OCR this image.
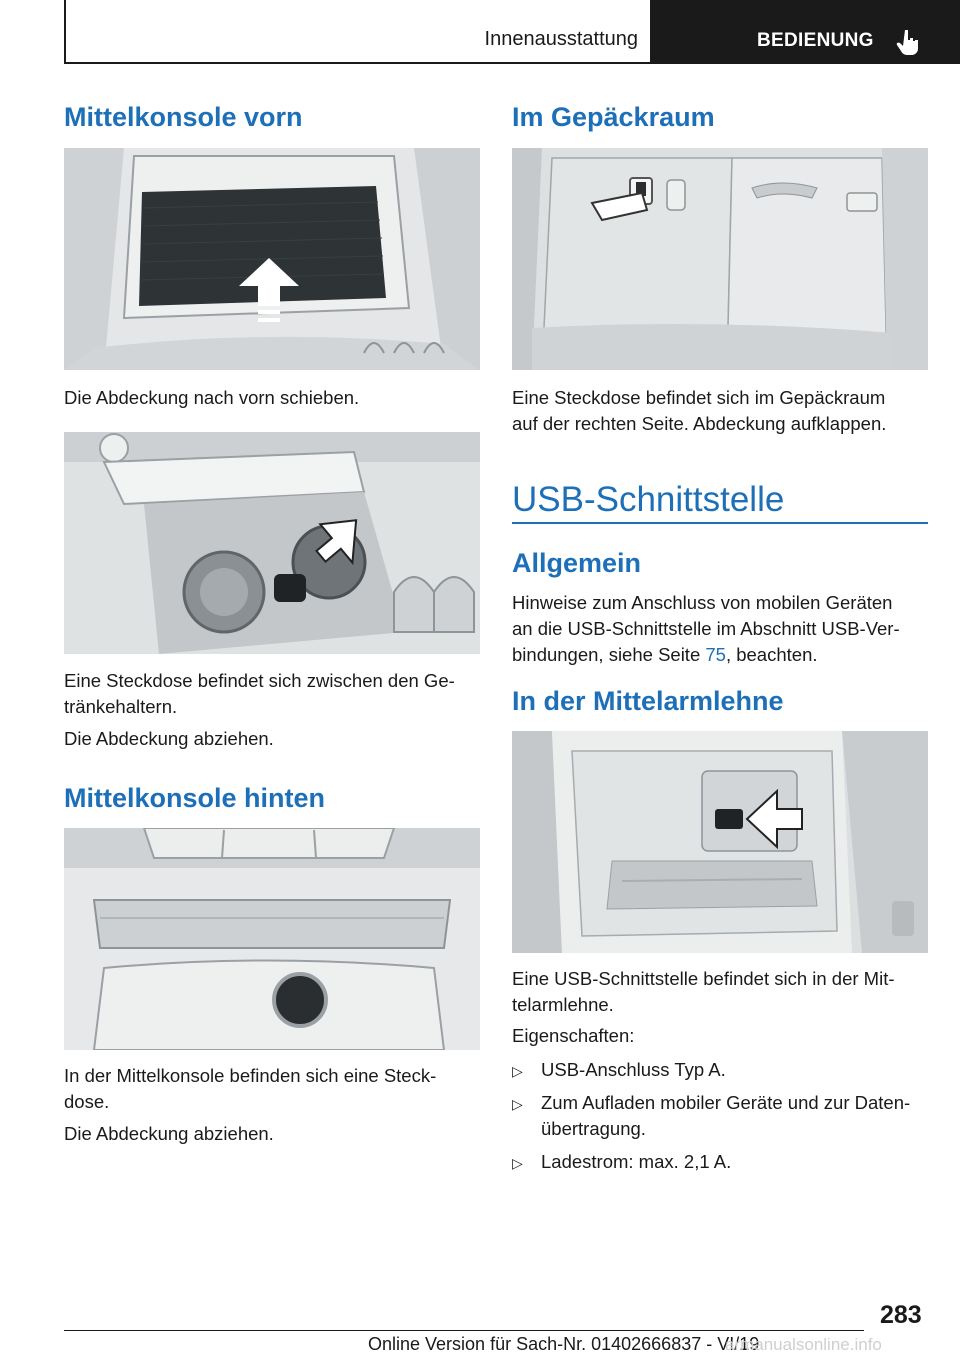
Innenausstattung	BEDIENUNG
Mittelkonsole vorn
Die Abdeckung nach vorn schieben.
Eine Steckdose befindet sich zwischen den Ge‐
tränkehaltern.
Die Abdeckung abziehen.
Mittelkonsole hinten
In der Mittelkonsole befinden sich eine Steck‐
dose.
Die Abdeckung abziehen.
Im Gepäckraum
Eine Steckdose befindet sich im Gepäckraum
auf der rechten Seite. Abdeckung aufklappen.
USB-Schnittstelle
Allgemein
Hinweise zum Anschluss von mobilen Geräten
an die USB-Schnittstelle im Abschnitt USB-Ver‐
bindungen, siehe Seite 75, beachten.
In der Mittelarmlehne
Eine USB-Schnittstelle befindet sich in der Mit‐
telarmlehne.
Eigenschaften:
▷ USB-Anschluss Typ A.
▷ Zum Aufladen mobiler Geräte und zur Daten‐ übertragung.
▷ Ladestrom: max. 2,1 A.
283
Online Version für Sach-Nr. 01402666837 - VI/19
armanualsonline.info
